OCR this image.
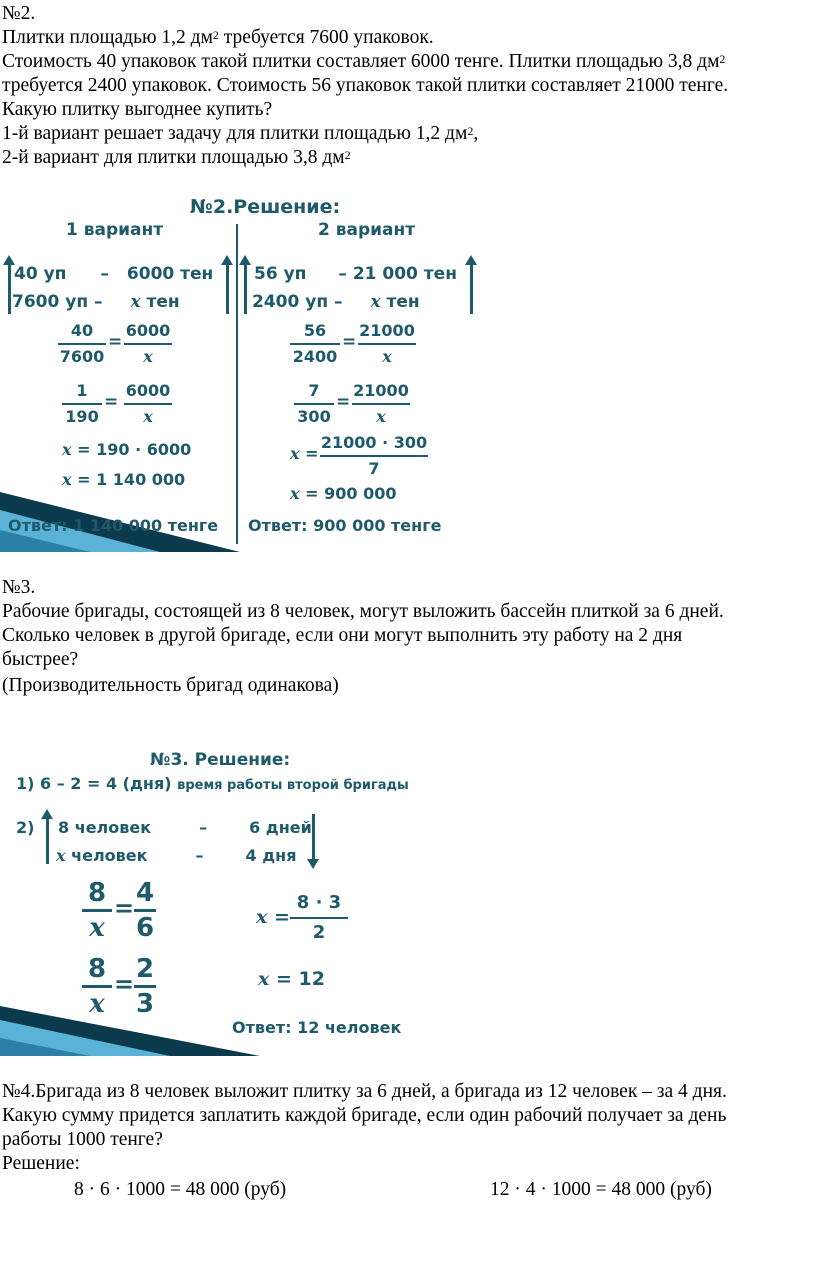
№2.
Плитки площадью 1,2 $дм^2$ требуется 7600 упаковок.
Стоимость 40 упаковок такой плитки составляет 6000 тенге. Плитки площадью 3,8 $дм^2$
требуется 2400 упаковок. Стоимость 56 упаковок такой плитки составляет 21000 тенге.
Какую плитку выгоднее купить?
1-й вариант решает задачу для плитки площадью 1,2 $дм^2$,
2-й вариант для плитки площадью 3,8 $дм^2$
№2.Решение:
1 вариант	2 вариант
40 уп – 6000 тен
7600 уп – x тен
40
7600
=
6000
x
1
190
=
6000
x
x = 190 · 6000
x = 1 140 000
Ответ: 1 140 000 тенге
56 уп – 21 000 тен
2400 уп – x тен
56
2400
=
21000
x
7
300
=
21000
x
x =
21000 · 300
7
x = 900 000
Ответ: 900 000 тенге
№3.
Рабочие бригады, состоящей из 8 человек, могут выложить бассейн плиткой за 6 дней.
Сколько человек в другой бригаде, если они могут выполнить эту работу на 2 дня
быстрее?
(Производительность бригад одинакова)
№3. Решение:
1) 6 – 2 = 4 (дня) время работы второй бригады
2) 8 человек	–	6 дней
x человек	–	4 дня
8
x
= 4
6
8
x
= 2
3
x =
8 · 3
2
x = 12
Ответ: 12 человек
№4.Бригада из 8 человек выложит плитку за 6 дней, а бригада из 12 человек – за 4 дня.
Какую сумму придется заплатить каждой бригаде, если один рабочий получает за день
работы 1000 тенге?
Решение:
8 · 6 · 1000 = 48 000 (руб)	12 · 4 · 1000 = 48 000 (руб)
